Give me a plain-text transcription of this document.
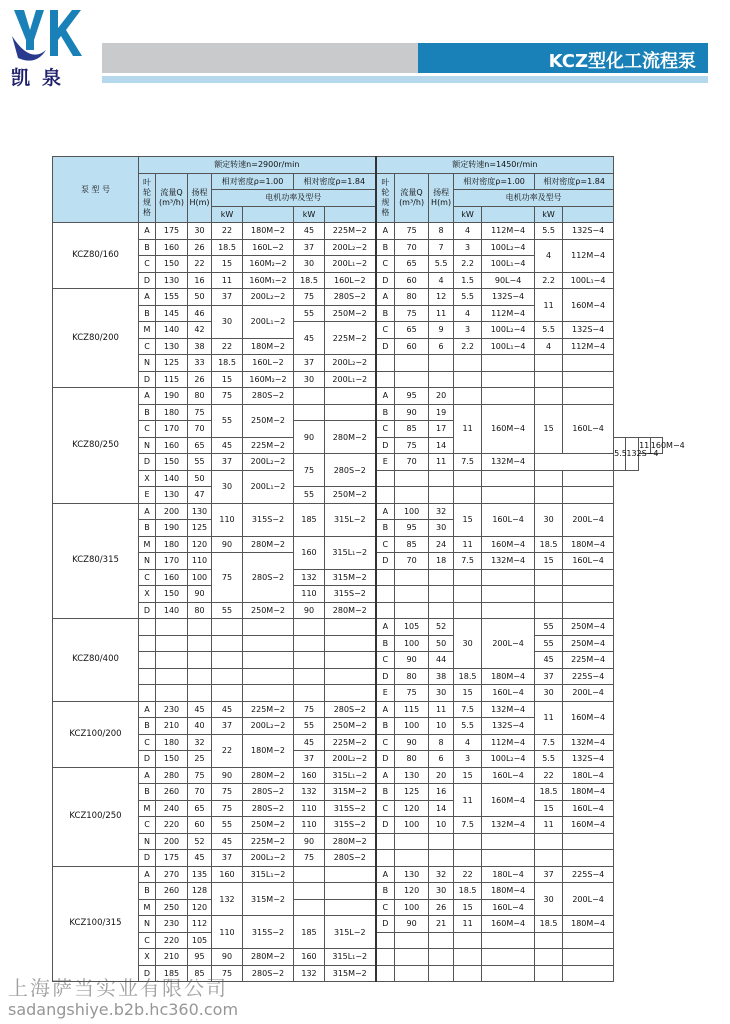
凯泉
KCZ型化工流程泵
泵 型 号	额定转速n=2900r/min							额定转速n=1450r/min										
	叶 轮 规 格	流量Q (m³/h)	扬程 H(m)	相对密度ρ=1.00		相对密度ρ=1.84		叶 轮 规 格	流量Q (m³/h)	扬程 H(m)	相对密度ρ=1.00		相对密度ρ=1.84					
				电机功率及型号							电机功率及型号							
				kW		kW					kW		kW					
KCZ80/160	A	175	30	22	180M−2	45	225M−2	A	75	8	4	112M−4	5.5	132S−4				
	B	160	26	18.5	160L−2	37	200L₂−2	B	70	7	3	100L₂−4	4	112M−4				
	C	150	22	15	160M₂−2	30	200L₁−2	C	65	5.5	2.2	100L₁−4						
	D	130	16	11	160M₁−2	18.5	160L−2	D	60	4	1.5	90L−4	2.2	100L₁−4				
KCZ80/200	A	155	50	37	200L₂−2	75	280S−2	A	80	12	5.5	132S−4	11	160M−4				
	B	145	46	30	200L₁−2	55	250M−2	B	75	11	4	112M−4						
	M	140	42			45	225M−2	C	65	9	3	100L₂−4	5.5	132S−4				
	C	130	38	22	180M−2			D	60	6	2.2	100L₁−4	4	112M−4				
	N	125	33	18.5	160L−2	37	200L₂−2											
	D	115	26	15	160M₂−2	30	200L₁−2											
KCZ80/250	A	190	80	75	280S−2			A	95	20								
	B	180	75	55	250M−2			B	90	19	11	160M−4	15	160L−4				
	C	170	70			90	280M−2	C	85	17								
	N	160	65	45	225M−2			D	75	14					5.5	132S−4	11	160M−4
	D	150	55	37	200L₂−2	75	280S−2	E	70	11	7.5	132M−4						
	X	140	50	30	200L₁−2													
	E	130	47			55	250M−2											
KCZ80/315	A	200	130	110	315S−2	185	315L−2	A	100	32	15	160L−4	30	200L−4				
	B	190	125					B	95	30								
	M	180	120	90	280M−2	160	315L₁−2	C	85	24	11	160M−4	18.5	180M−4				
	N	170	110	75	280S−2			D	70	18	7.5	132M−4	15	160L−4				
	C	160	100			132	315M−2											
	X	150	90			110	315S−2											
	D	140	80	55	250M−2	90	280M−2											
KCZ80/400								A	105	52	30	200L−4	55	250M−4				
								B	100	50			55	250M−4				
								C	90	44			45	225M−4				
								D	80	38	18.5	180M−4	37	225S−4				
								E	75	30	15	160L−4	30	200L−4				
KCZ100/200	A	230	45	45	225M−2	75	280S−2	A	115	11	7.5	132M−4	11	160M−4				
	B	210	40	37	200L₂−2	55	250M−2	B	100	10	5.5	132S−4						
	C	180	32	22	180M−2	45	225M−2	C	90	8	4	112M−4	7.5	132M−4				
	D	150	25			37	200L₂−2	D	80	6	3	100L₂−4	5.5	132S−4				
KCZ100/250	A	280	75	90	280M−2	160	315L₁−2	A	130	20	15	160L−4	22	180L−4				
	B	260	70	75	280S−2	132	315M−2	B	125	16	11	160M−4	18.5	180M−4				
	M	240	65	75	280S−2	110	315S−2	C	120	14			15	160L−4				
	C	220	60	55	250M−2	110	315S−2	D	100	10	7.5	132M−4	11	160M−4				
	N	200	52	45	225M−2	90	280M−2											
	D	175	45	37	200L₂−2	75	280S−2											
KCZ100/315	A	270	135	160	315L₁−2			A	130	32	22	180L−4	37	225S−4				
	B	260	128	132	315M−2			B	120	30	18.5	180M−4	30	200L−4				
	M	250	120					C	100	26	15	160L−4						
	N	230	112	110	315S−2	185	315L−2	D	90	21	11	160M−4	18.5	180M−4				
	C	220	105															
	X	210	95	90	280M−2	160	315L₁−2											
	D	185	85	75	280S−2	132	315M−2											
上海萨当实业有限公司
sadangshiye.b2b.hc360.com
